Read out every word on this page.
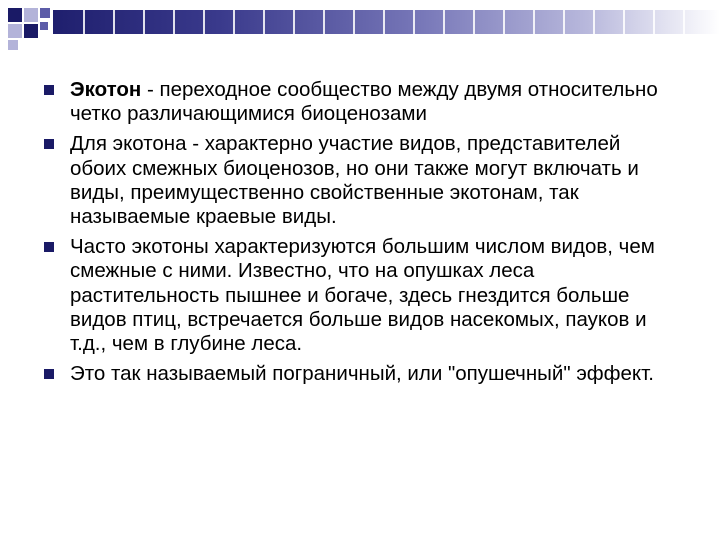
Экотон - переходное сообщество между двумя относительно четко различающимися биоценозами
Для экотона - характерно участие видов, представителей обоих смежных биоценозов, но они также могут включать и виды, преимущественно свойственные экотонам, так называемые краевые виды.
Часто экотоны характеризуются большим числом видов, чем смежные с ними. Известно, что на опушках леса растительность пышнее и богаче, здесь гнездится больше видов птиц, встречается больше видов насекомых, пауков и т.д., чем в глубине леса.
Это так называемый пограничный, или "опушечный" эффект.
